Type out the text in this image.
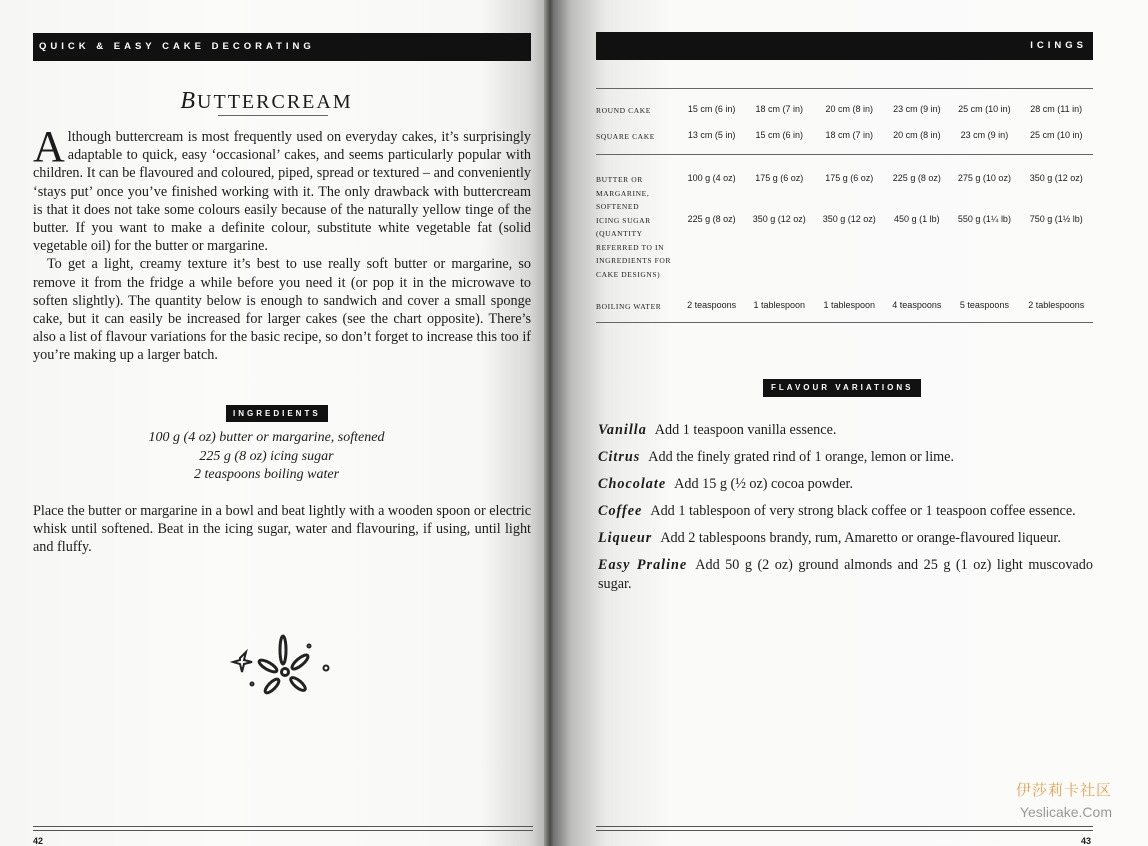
QUICK & EASY CAKE DECORATING
BUTTERCREAM

Although buttercream is most frequently used on everyday cakes, it’s surprisingly adaptable to quick, easy ‘occasional’ cakes, and seems particularly popular with children. It can be flavoured and coloured, piped, spread or textured – and conveniently ‘stays put’ once you’ve finished working with it. The only drawback with buttercream is that it does not take some colours easily because of the naturally yellow tinge of the butter. If you want to make a definite colour, substitute white vegetable fat (solid vegetable oil) for the butter or margarine.

To get a light, creamy texture it’s best to use really soft butter or margarine, so remove it from the fridge a while before you need it (or pop it in the microwave to soften slightly). The quantity below is enough to sandwich and cover a small sponge cake, but it can easily be increased for larger cakes (see the chart opposite). There’s also a list of flavour variations for the basic recipe, so don’t forget to increase this too if you’re making up a larger batch.

INGREDIENTS
100 g (4 oz) butter or margarine, softened
225 g (8 oz) icing sugar
2 teaspoons boiling water
Place the butter or margarine in a bowl and beat lightly with a wooden spoon or electric whisk until softened. Beat in the icing sugar, water and flavouring, if using, until light and fluffy.
42
ICINGS
ROUND CAKE	15 cm (6 in)	18 cm (7 in)	20 cm (8 in)	23 cm (9 in)	25 cm (10 in)	28 cm (11 in)
SQUARE CAKE	13 cm (5 in)	15 cm (6 in)	18 cm (7 in)	20 cm (8 in)	23 cm (9 in)	25 cm (10 in)
BUTTER OR MARGARINE, SOFTENED	100 g (4 oz)	175 g (6 oz)	175 g (6 oz)	225 g (8 oz)	275 g (10 oz)	350 g (12 oz)
ICING SUGAR (QUANTITY REFERRED TO IN INGREDIENTS FOR CAKE DESIGNS)	225 g (8 oz)	350 g (12 oz)	350 g (12 oz)	450 g (1 lb)	550 g (1¼ lb)	750 g (1½ lb)
BOILING WATER	2 teaspoons	1 tablespoon	1 tablespoon	4 teaspoons	5 teaspoons	2 tablespoons
FLAVOUR VARIATIONS
Vanilla Add 1 teaspoon vanilla essence.
Citrus Add the finely grated rind of 1 orange, lemon or lime.
Chocolate Add 15 g (½ oz) cocoa powder.
Coffee Add 1 tablespoon of very strong black coffee or 1 teaspoon coffee essence.
Liqueur Add 2 tablespoons brandy, rum, Amaretto or orange-flavoured liqueur.
Easy Praline Add 50 g (2 oz) ground almonds and 25 g (1 oz) light muscovado sugar.
伊莎莉卡社区
Yeslicake.Com
43
